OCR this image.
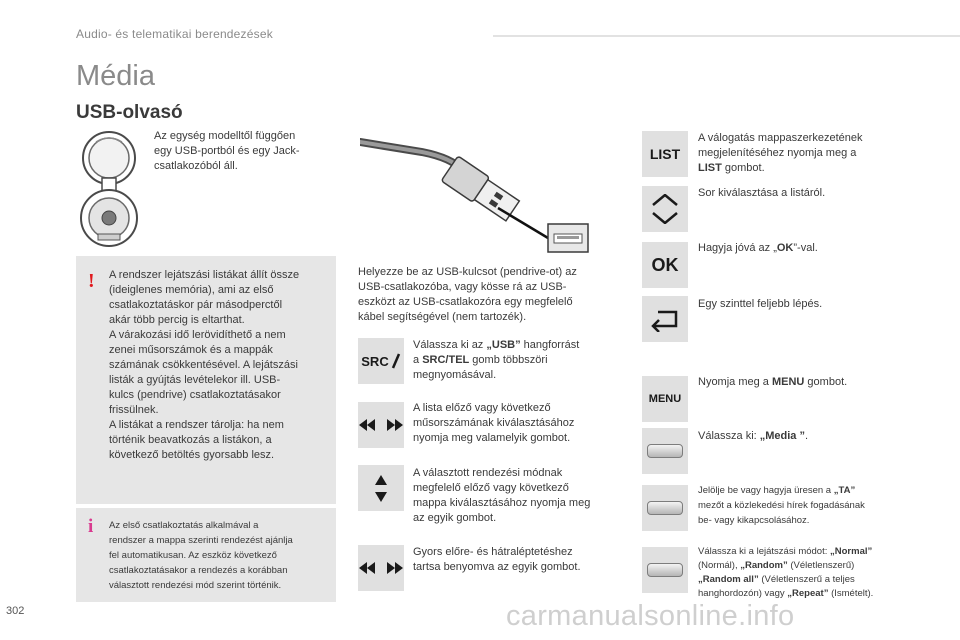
Audio- és telematikai berendezések
Média
USB-olvasó
Az egység modelltől függően
egy USB-portból és egy Jack-
csatlakozóból áll.
! A rendszer lejátszási listákat állít össze
(ideiglenes memória), ami az első
csatlakoztatáskor pár másodperctől
akár több percig is eltarthat.
A várakozási idő lerövidíthető a nem
zenei műsorszámok és a mappák
számának csökkentésével. A lejátszási
listák a gyújtás levételekor ill. USB-
kulcs (pendrive) csatlakoztatásakor
frissülnek.
A listákat a rendszer tárolja: ha nem
történik beavatkozás a listákon, a
következő betöltés gyorsabb lesz.
i Az első csatlakoztatás alkalmával a
rendszer a mappa szerinti rendezést ajánlja
fel automatikusan. Az eszköz következő
csatlakoztatásakor a rendezés a korábban
választott rendezési mód szerint történik.
Helyezze be az USB-kulcsot (pendrive-ot) az
USB-csatlakozóba, vagy kösse rá az USB-
eszközt az USB-csatlakozóra egy megfelelő
kábel segítségével (nem tartozék).
SRC
Válassza ki az „USB” hangforrást
a SRC/TEL gomb többszöri
megnyomásával.
A lista előző vagy következő
műsorszámának kiválasztásához
nyomja meg valamelyik gombot.
A választott rendezési módnak
megfelelő előző vagy következő
mappa kiválasztásához nyomja meg
az egyik gombot.
Gyors előre- és hátraléptetéshez
tartsa benyomva az egyik gombot.
LIST
A válogatás mappaszerkezetének
megjelenítéséhez nyomja meg a
LIST gombot.
Sor kiválasztása a listáról.
OK
Hagyja jóvá az „OK”-val.
Egy szinttel feljebb lépés.
MENU
Nyomja meg a MENU gombot.
Válassza ki: „Media ”.
Jelölje be vagy hagyja üresen a „TA”
mezőt a közlekedési hírek fogadásának
be- vagy kikapcsolásához.
Válassza ki a lejátszási módot: „Normal”
(Normál), „Random” (Véletlenszerű)
„Random all” (Véletlenszerű a teljes
hanghordozón) vagy „Repeat” (Ismételt).
302	carmanualsonline.info
